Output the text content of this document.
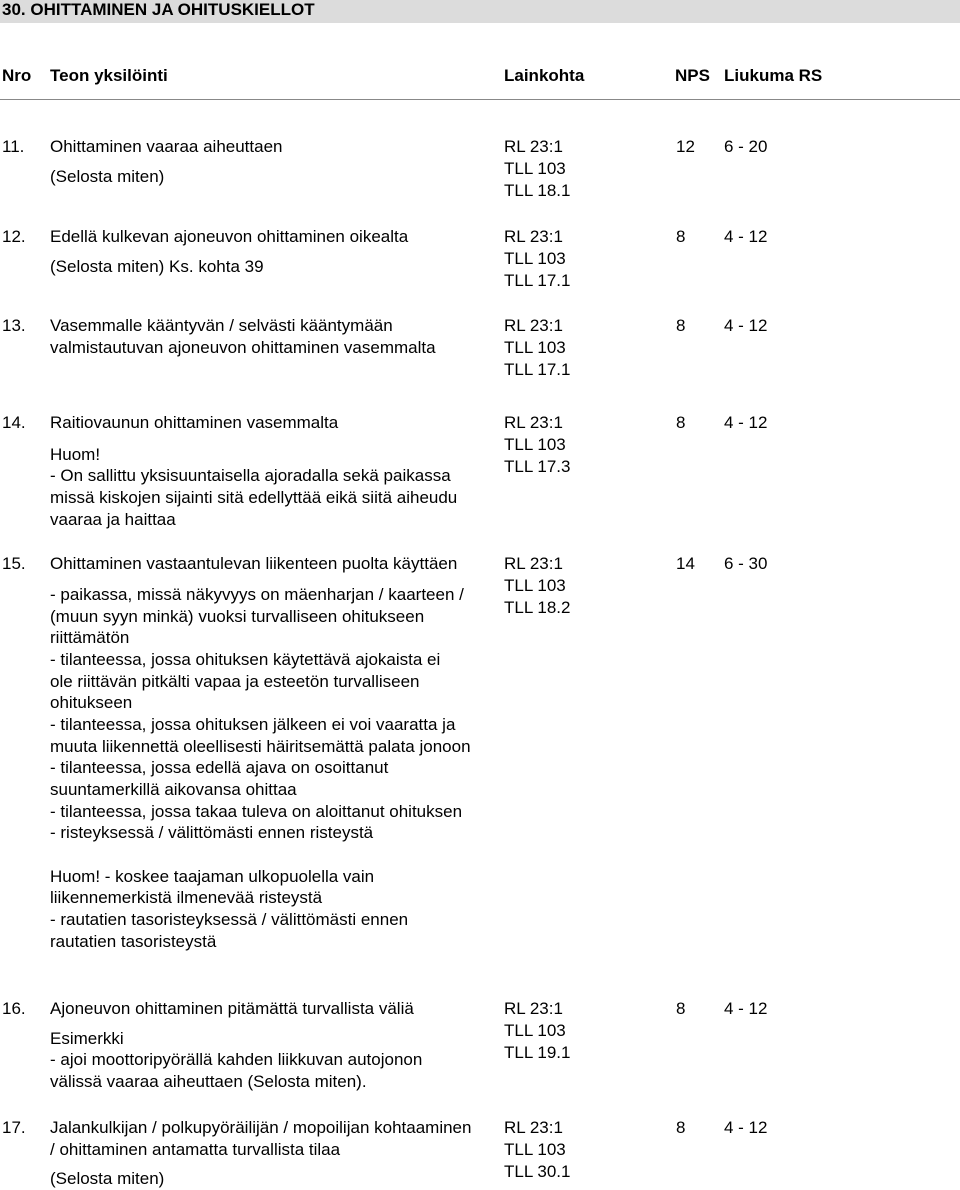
30. OHITTAMINEN JA OHITUSKIELLOT
Nro Teon yksilöinti	Lainkohta	NPS Liukuma RS
11. Ohittaminen vaaraa aiheuttaen
(Selosta miten)
RL 23:1
TLL 103
TLL 18.1
12 6 - 20
12. Edellä kulkevan ajoneuvon ohittaminen oikealta
(Selosta miten) Ks. kohta 39
RL 23:1
TLL 103
TLL 17.1
8 4 - 12
13. Vasemmalle kääntyvän / selvästi kääntymään
valmistautuvan ajoneuvon ohittaminen vasemmalta
RL 23:1
TLL 103
TLL 17.1
8 4 - 12
14. Raitiovaunun ohittaminen vasemmalta
Huom!
- On sallittu yksisuuntaisella ajoradalla sekä paikassa
missä kiskojen sijainti sitä edellyttää eikä siitä aiheudu
vaaraa ja haittaa
RL 23:1
TLL 103
TLL 17.3
8 4 - 12
15. Ohittaminen vastaantulevan liikenteen puolta käyttäen
- paikassa, missä näkyvyys on mäenharjan / kaarteen /
(muun syyn minkä) vuoksi turvalliseen ohitukseen
riittämätön
- tilanteessa, jossa ohituksen käytettävä ajokaista ei
ole riittävän pitkälti vapaa ja esteetön turvalliseen
ohitukseen
- tilanteessa, jossa ohituksen jälkeen ei voi vaaratta ja
muuta liikennettä oleellisesti häiritsemättä palata jonoon
- tilanteessa, jossa edellä ajava on osoittanut
suuntamerkillä aikovansa ohittaa
- tilanteessa, jossa takaa tuleva on aloittanut ohituksen
- risteyksessä / välittömästi ennen risteystä
Huom! - koskee taajaman ulkopuolella vain
liikennemerkistä ilmenevää risteystä
- rautatien tasoristeyksessä / välittömästi ennen
rautatien tasoristeystä
RL 23:1
TLL 103
TLL 18.2
14 6 - 30
16. Ajoneuvon ohittaminen pitämättä turvallista väliä
Esimerkki
- ajoi moottoripyörällä kahden liikkuvan autojonon
välissä vaaraa aiheuttaen (Selosta miten).
RL 23:1
TLL 103
TLL 19.1
8 4 - 12
17. Jalankulkijan / polkupyöräilijän / mopoilijan kohtaaminen
/ ohittaminen antamatta turvallista tilaa
(Selosta miten)
RL 23:1
TLL 103
TLL 30.1
8 4 - 12
